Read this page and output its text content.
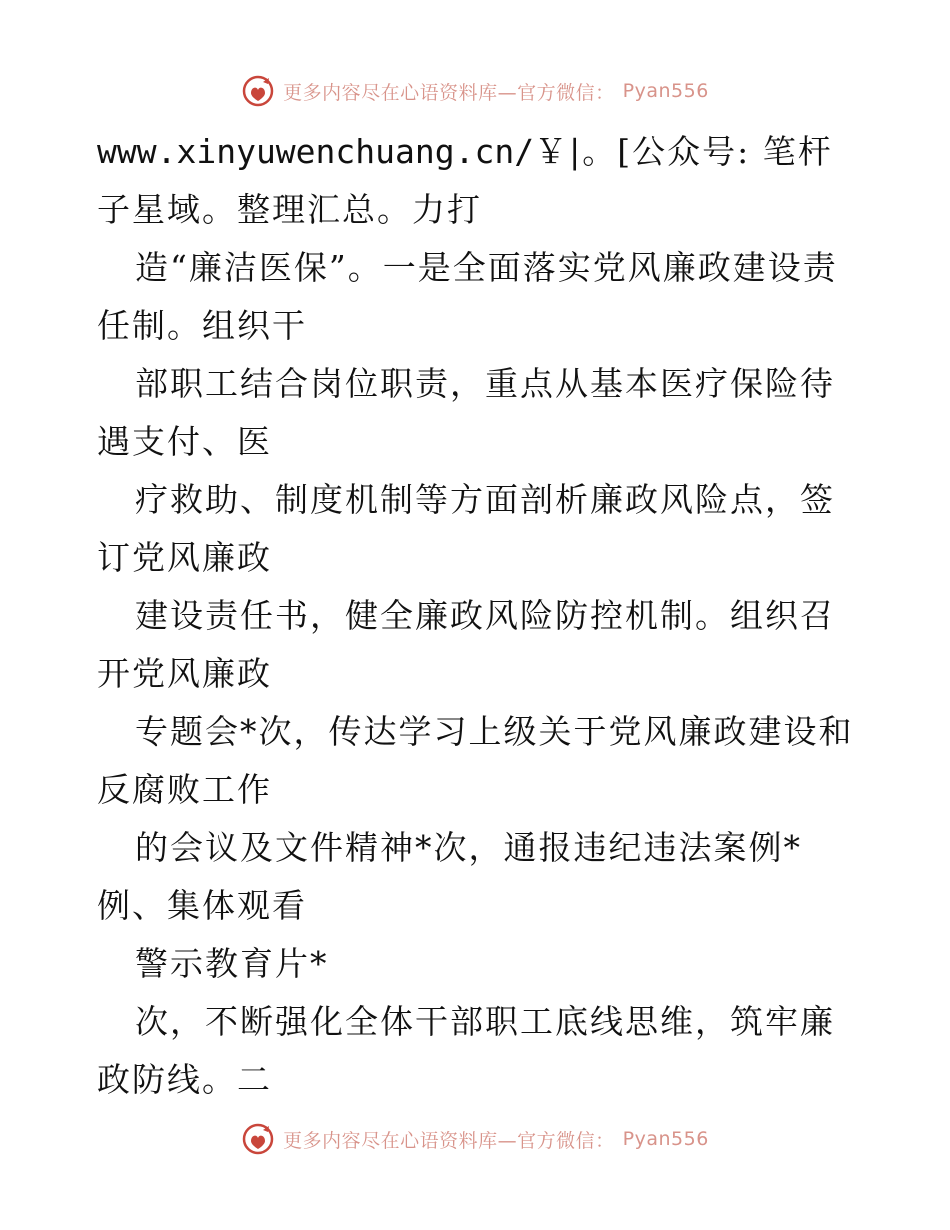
更多内容尽在心语资料库—官方微信： Pyan556

www.xinyuwenchuang.cn/￥|。[公众号: 笔杆子星域。整理汇总。力打

造“廉洁医保”。一是全面落实党风廉政建设责任制。组织干

部职工结合岗位职责，重点从基本医疗保险待遇支付、医

疗救助、制度机制等方面剖析廉政风险点，签订党风廉政

建设责任书，健全廉政风险防控机制。组织召开党风廉政

专题会*次，传达学习上级关于党风廉政建设和反腐败工作

的会议及文件精神*次，通报违纪违法案例*例、集体观看

警示教育片*

次，不断强化全体干部职工底线思维，筑牢廉政防线。二

更多内容尽在心语资料库—官方微信： Pyan556
